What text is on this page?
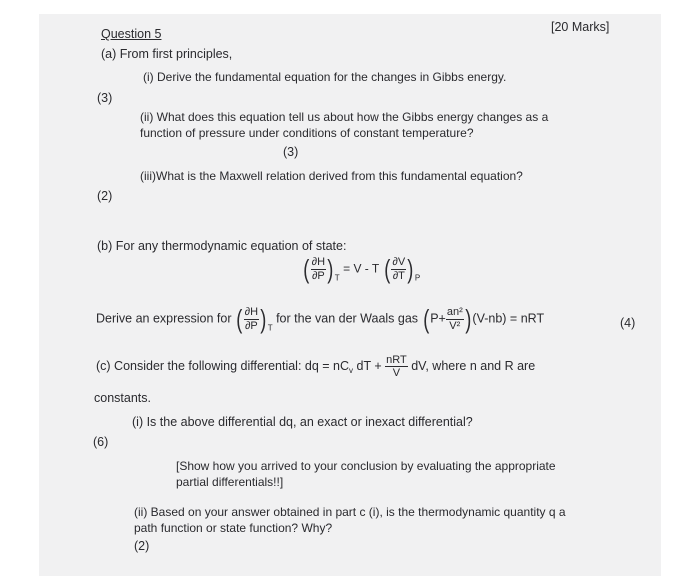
Question 5	[20 Marks]
(a) From first principles,
(i) Derive the fundamental equation for the changes in Gibbs energy.
(3)
(ii) What does this equation tell us about how the Gibbs energy changes as a
function of pressure under conditions of constant temperature?
(3)
(iii)What is the Maxwell relation derived from this fundamental equation?
(2)
(b) For any thermodynamic equation of state:
( $\frac{\partial H}{\partial P} )_T = V - T$ ( $\frac{\partial V}{\partial T} )_P$
Derive an expression for ( $\frac{\partial H}{\partial P} )_T$ for the van der Waals gas $(P+ \frac{\text{an²}}{\text{V²}} )(V-nb)$ = nRT	(4)
(c) Consider the following differential: dq = $nC_v$ dT + $\frac{\text{nRT}}{V}$ dV, where n and R are
constants.
(i) Is the above differential dq, an exact or inexact differential?
(6)
[Show how you arrived to your conclusion by evaluating the appropriate
partial differentials!!]
(ii) Based on your answer obtained in part c (i), is the thermodynamic quantity q a
path function or state function? Why?
(2)
